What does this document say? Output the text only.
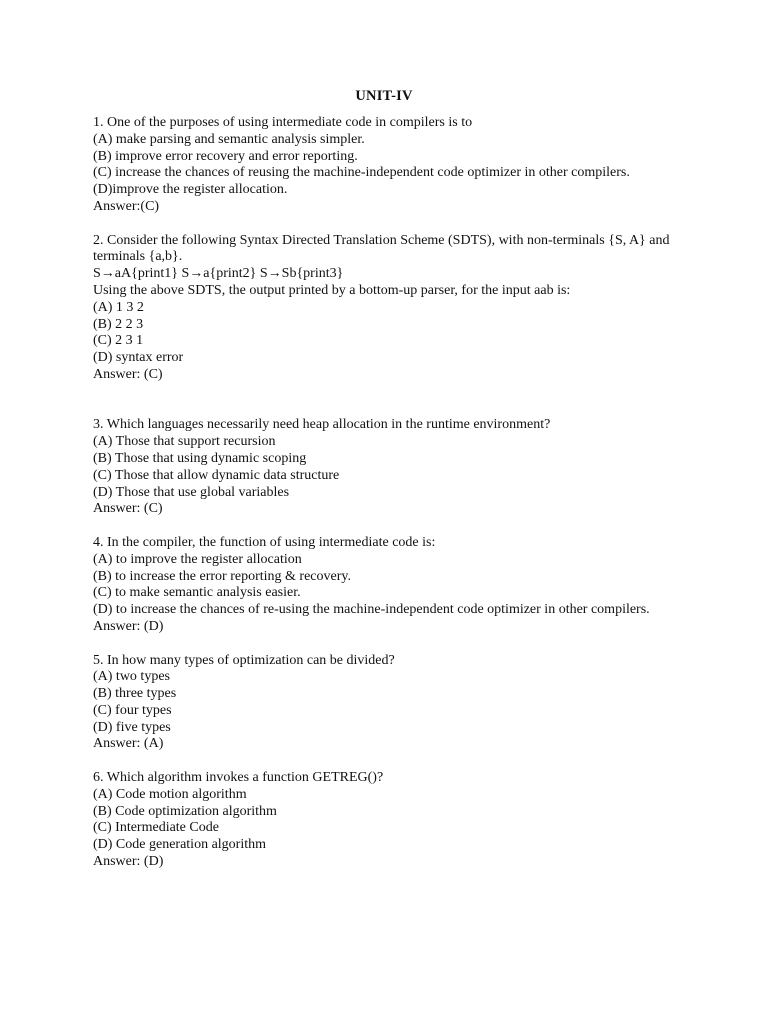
UNIT-IV
1. One of the purposes of using intermediate code in compilers is to
(A) make parsing and semantic analysis simpler.
(B) improve error recovery and error reporting.
(C) increase the chances of reusing the machine-independent code optimizer in other compilers.
(D)improve the register allocation.
Answer:(C)
2. Consider the following Syntax Directed Translation Scheme (SDTS), with non-terminals {S, A} and terminals {a,b}.
S→aA{print1} S→a{print2} S→Sb{print3}
Using the above SDTS, the output printed by a bottom-up parser, for the input aab is:
(A) 1 3 2
(B) 2 2 3
(C) 2 3 1
(D) syntax error
Answer: (C)
3. Which languages necessarily need heap allocation in the runtime environment?
(A) Those that support recursion
(B) Those that using dynamic scoping
(C) Those that allow dynamic data structure
(D) Those that use global variables
Answer: (C)
4. In the compiler, the function of using intermediate code is:
(A) to improve the register allocation
(B) to increase the error reporting & recovery.
(C) to make semantic analysis easier.
(D) to increase the chances of re-using the machine-independent code optimizer in other compilers.
Answer: (D)
5. In how many types of optimization can be divided?
(A) two types
(B) three types
(C) four types
(D) five types
Answer: (A)
6. Which algorithm invokes a function GETREG()?
(A) Code motion algorithm
(B) Code optimization algorithm
(C) Intermediate Code
(D) Code generation algorithm
Answer: (D)
